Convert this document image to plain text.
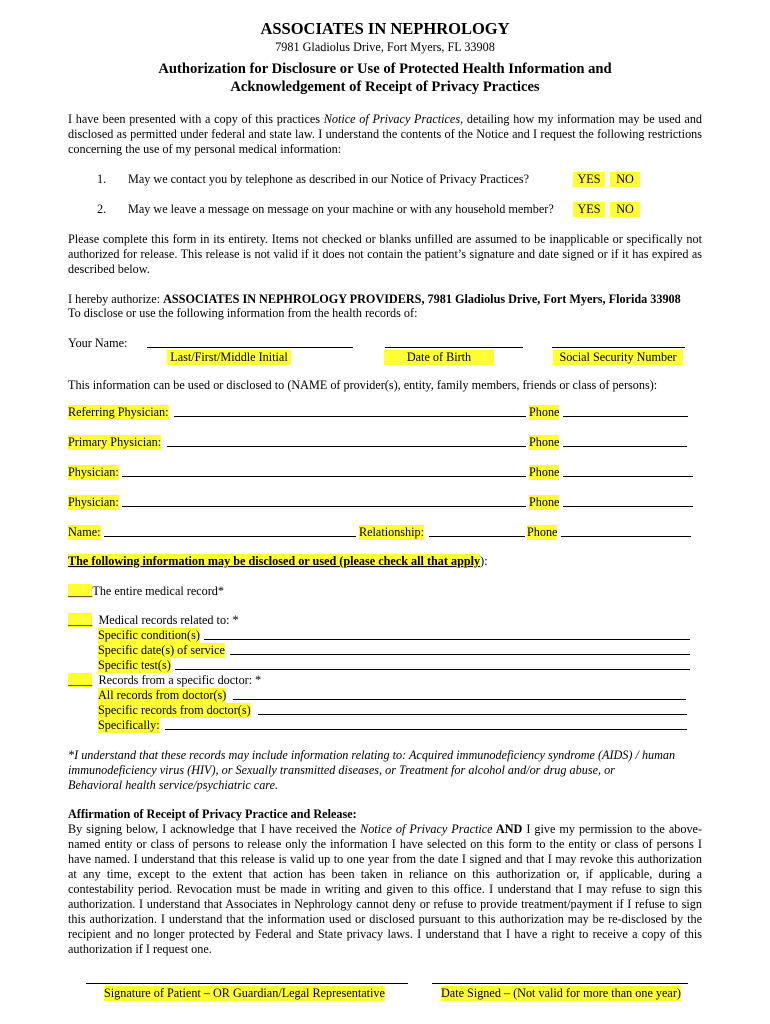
ASSOCIATES IN NEPHROLOGY
7981 Gladiolus Drive, Fort Myers, FL 33908
Authorization for Disclosure or Use of Protected Health Information and
Acknowledgement of Receipt of Privacy Practices
I have been presented with a copy of this practices Notice of Privacy Practices, detailing how my information may be used and disclosed as permitted under federal and state law. I understand the contents of the Notice and I request the following restrictions concerning the use of my personal medical information:
1. May we contact you by telephone as described in our Notice of Privacy Practices?	YES	NO
2. May we leave a message on message on your machine or with any household member?	YES	NO
Please complete this form in its entirety. Items not checked or blanks unfilled are assumed to be inapplicable or specifically not authorized for release. This release is not valid if it does not contain the patient’s signature and date signed or if it has expired as described below.
I hereby authorize: ASSOCIATES IN NEPHROLOGY PROVIDERS, 7981 Gladiolus Drive, Fort Myers, Florida 33908
To disclose or use the following information from the health records of:
Your Name:
Last/First/Middle Initial	Date of Birth	Social Security Number
This information can be used or disclosed to (NAME of provider(s), entity, family members, friends or class of persons):
Referring Physician:	Phone
Primary Physician:	Phone
Physician:	Phone
Physician:	Phone
Name:	Relationship:	Phone
The following information may be disclosed or used (please check all that apply):
____The entire medical record*
____ Medical records related to: *
Specific condition(s)
Specific date(s) of service
Specific test(s)
____ Records from a specific doctor: *
All records from doctor(s)
Specific records from doctor(s)
Specifically:
*I understand that these records may include information relating to: Acquired immunodeficiency syndrome (AIDS) / human
immunodeficiency virus (HIV), or Sexually transmitted diseases, or Treatment for alcohol and/or drug abuse, or
Behavioral health service/psychiatric care.
Affirmation of Receipt of Privacy Practice and Release:
By signing below, I acknowledge that I have received the Notice of Privacy Practice AND I give my permission to the above-named entity or class of persons to release only the information I have selected on this form to the entity or class of persons I have named. I understand that this release is valid up to one year from the date I signed and that I may revoke this authorization at any time, except to the extent that action has been taken in reliance on this authorization or, if applicable, during a contestability period. Revocation must be made in writing and given to this office. I understand that I may refuse to sign this authorization. I understand that Associates in Nephrology cannot deny or refuse to provide treatment/payment if I refuse to sign this authorization. I understand that the information used or disclosed pursuant to this authorization may be re-disclosed by the recipient and no longer protected by Federal and State privacy laws. I understand that I have a right to receive a copy of this authorization if I request one.
Signature of Patient – OR Guardian/Legal Representative	Date Signed – (Not valid for more than one year)
